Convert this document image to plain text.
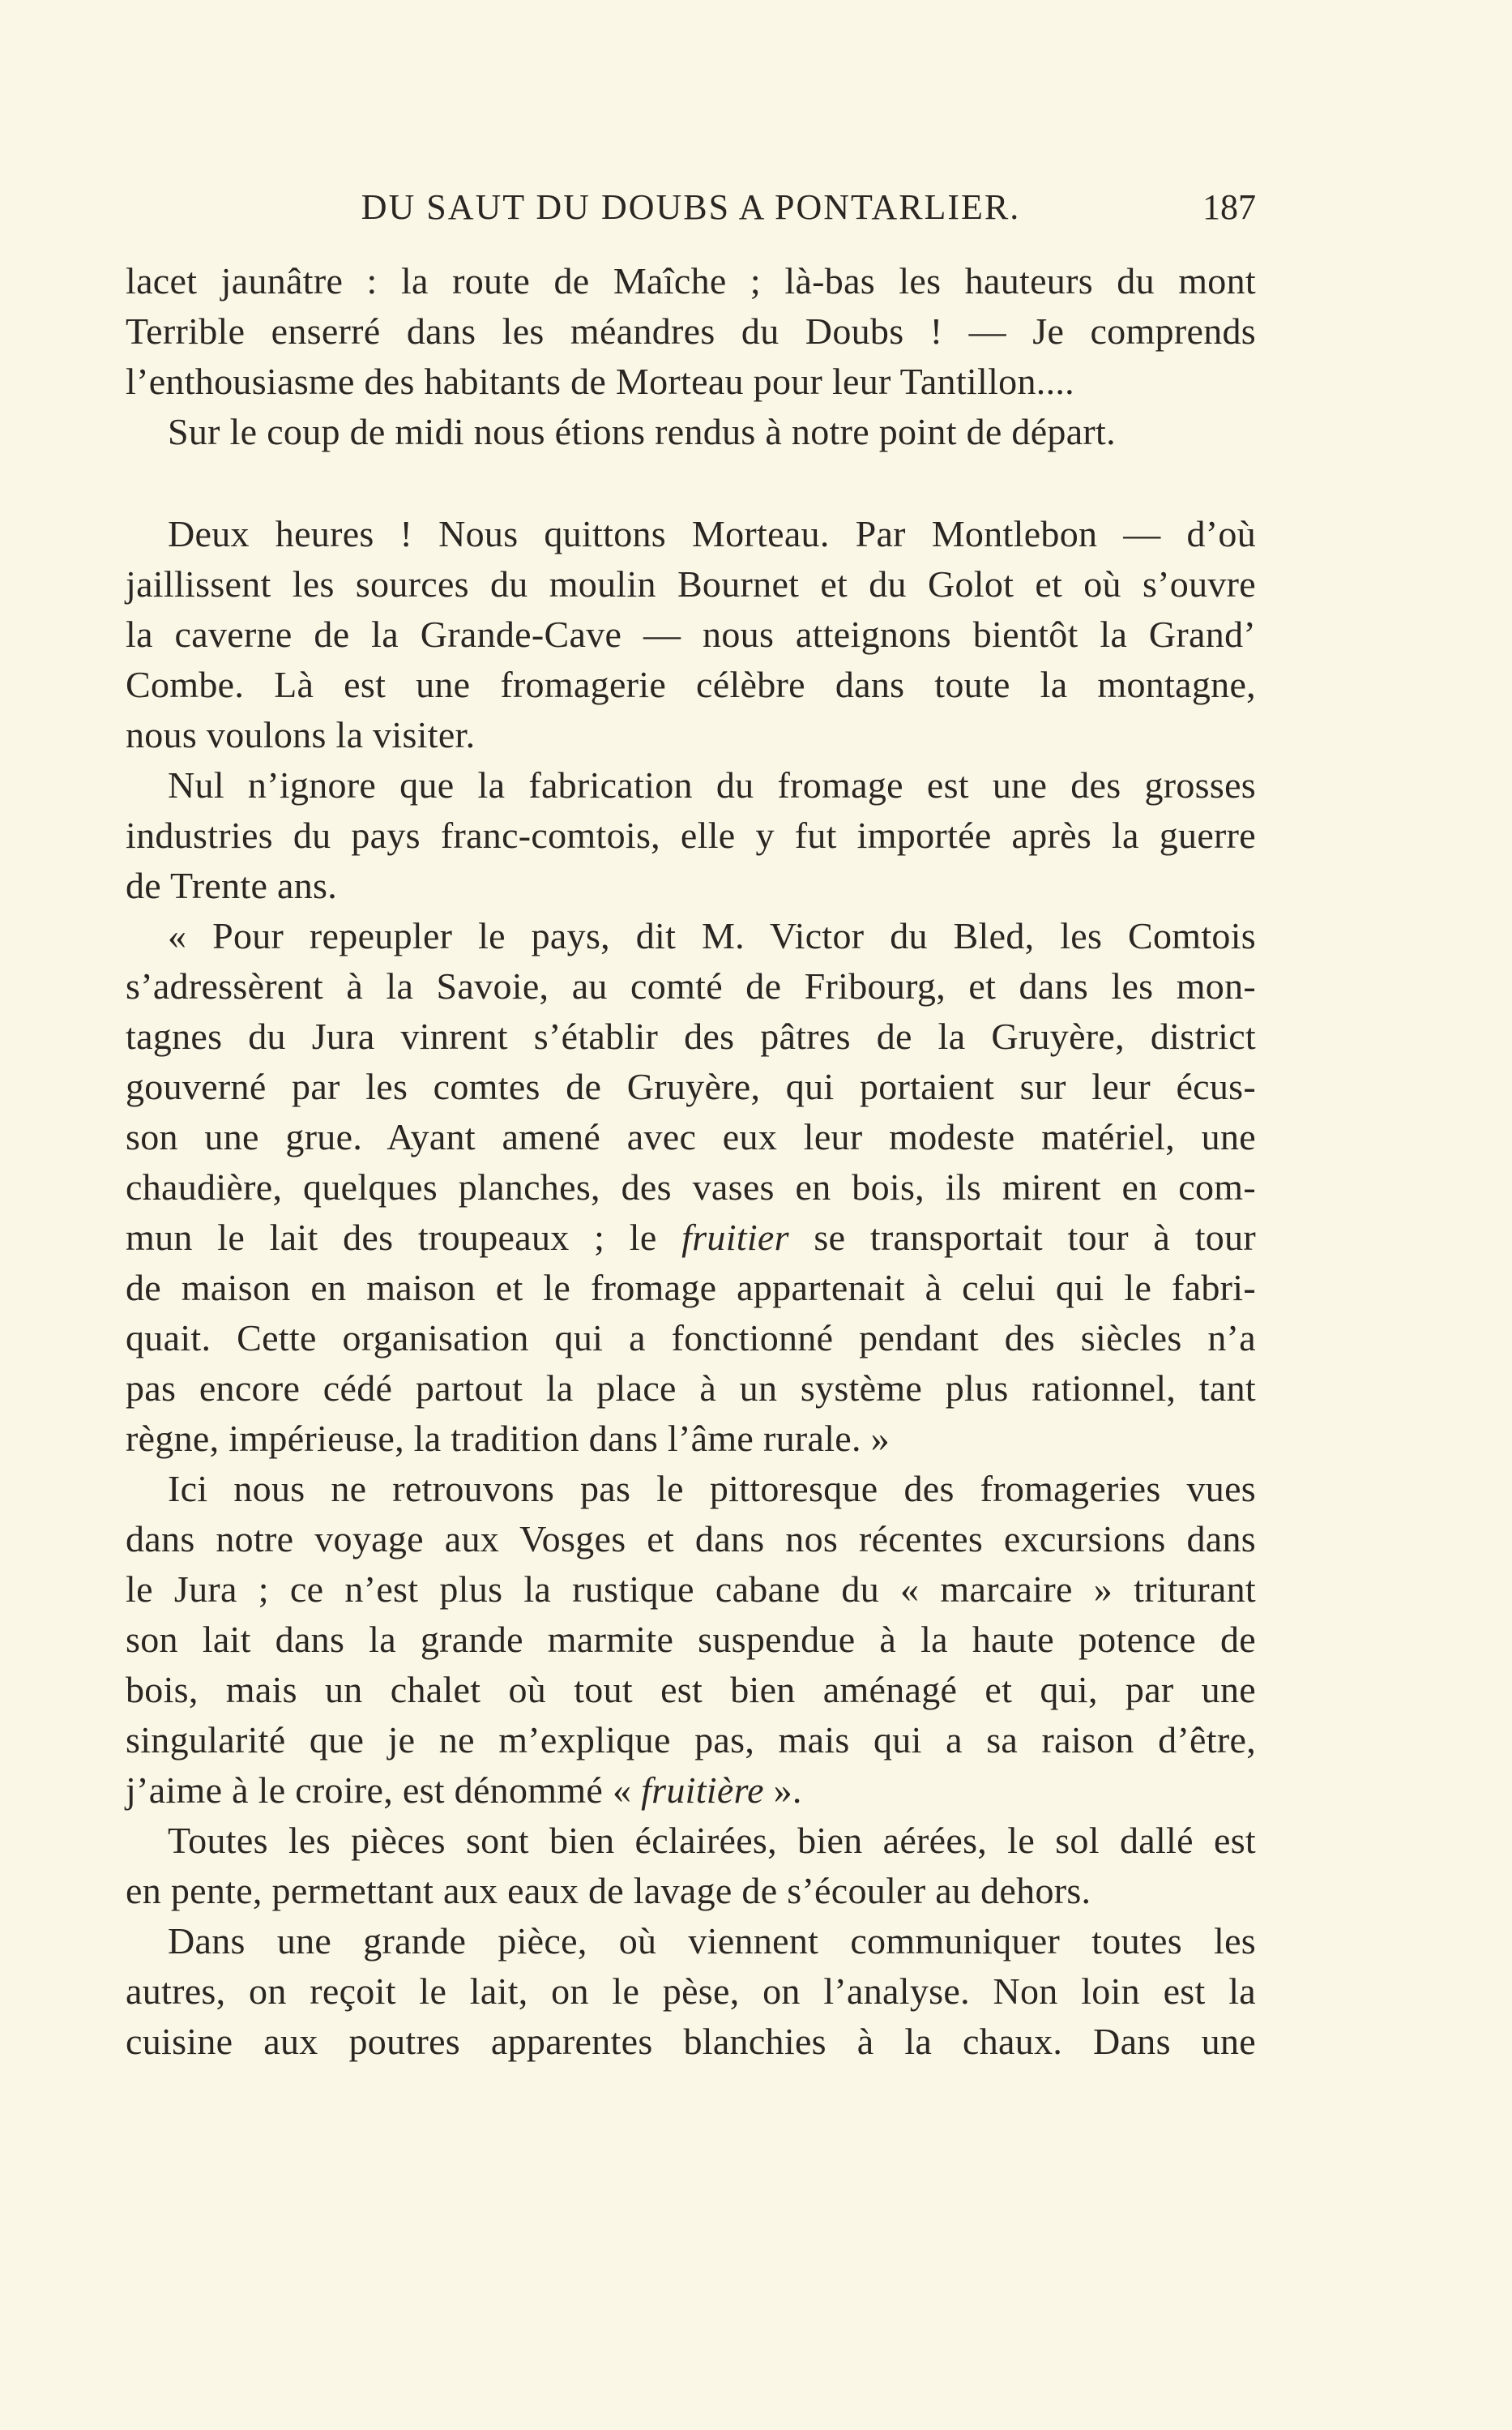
DU SAUT DU DOUBS A PONTARLIER.	187
lacet jaunâtre : la route de Maîche ; là-bas les hauteurs du mont
Terrible enserré dans les méandres du Doubs ! — Je comprends
l’enthousiasme des habitants de Morteau pour leur Tantillon....
Sur le coup de midi nous étions rendus à notre point de départ.
Deux heures ! Nous quittons Morteau. Par Montlebon — d’où
jaillissent les sources du moulin Bournet et du Golot et où s’ouvre
la caverne de la Grande-Cave — nous atteignons bientôt la Grand’
Combe. Là est une fromagerie célèbre dans toute la montagne,
nous voulons la visiter.
Nul n’ignore que la fabrication du fromage est une des grosses
industries du pays franc-comtois, elle y fut importée après la guerre
de Trente ans.
« Pour repeupler le pays, dit M. Victor du Bled, les Comtois
s’adressèrent à la Savoie, au comté de Fribourg, et dans les mon-
tagnes du Jura vinrent s’établir des pâtres de la Gruyère, district
gouverné par les comtes de Gruyère, qui portaient sur leur écus-
son une grue. Ayant amené avec eux leur modeste matériel, une
chaudière, quelques planches, des vases en bois, ils mirent en com-
mun le lait des troupeaux ; le fruitier se transportait tour à tour
de maison en maison et le fromage appartenait à celui qui le fabri-
quait. Cette organisation qui a fonctionné pendant des siècles n’a
pas encore cédé partout la place à un système plus rationnel, tant
règne, impérieuse, la tradition dans l’âme rurale. »
Ici nous ne retrouvons pas le pittoresque des fromageries vues
dans notre voyage aux Vosges et dans nos récentes excursions dans
le Jura ; ce n’est plus la rustique cabane du « marcaire » triturant
son lait dans la grande marmite suspendue à la haute potence de
bois, mais un chalet où tout est bien aménagé et qui, par une
singularité que je ne m’explique pas, mais qui a sa raison d’être,
j’aime à le croire, est dénommé « fruitière ».
Toutes les pièces sont bien éclairées, bien aérées, le sol dallé est
en pente, permettant aux eaux de lavage de s’écouler au dehors.
Dans une grande pièce, où viennent communiquer toutes les
autres, on reçoit le lait, on le pèse, on l’analyse. Non loin est la
cuisine aux poutres apparentes blanchies à la chaux. Dans une
